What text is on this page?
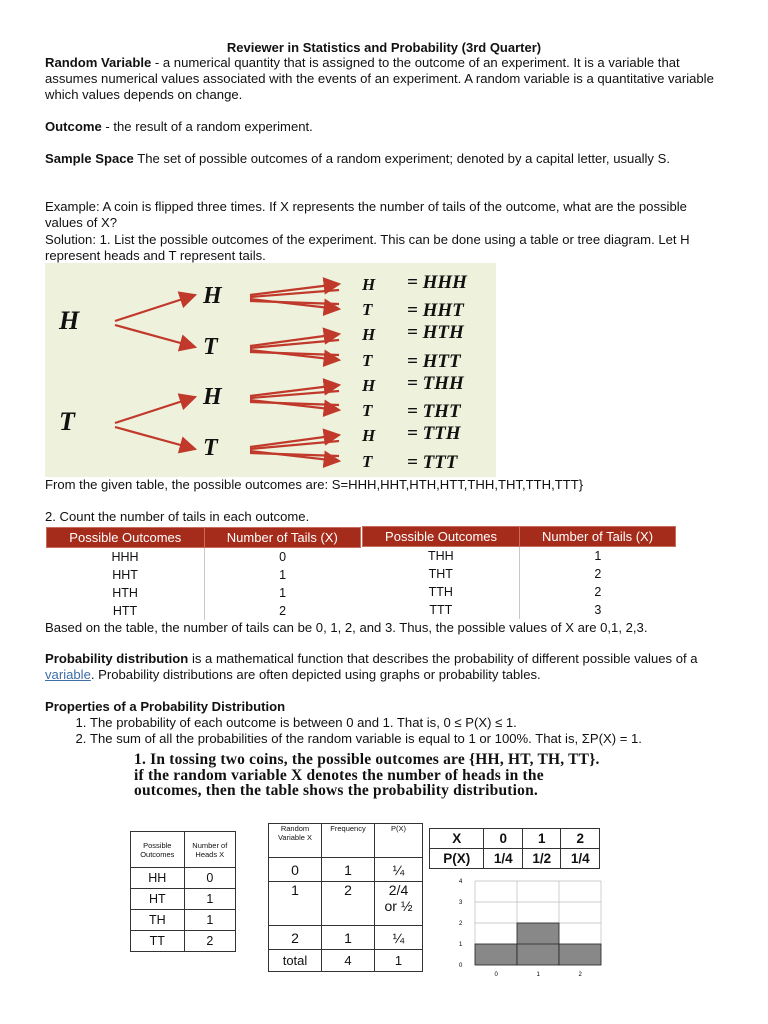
Reviewer in Statistics and Probability (3rd Quarter)
Random Variable - a numerical quantity that is assigned to the outcome of an experiment. It is a variable that assumes numerical values associated with the events of an experiment. A random variable is a quantitative variable which values depends on change.
Outcome - the result of a random experiment.
Sample Space The set of possible outcomes of a random experiment; denoted by a capital letter, usually S.
Example: A coin is flipped three times. If X represents the number of tails of the outcome, what are the possible values of X?
Solution: 1. List the possible outcomes of the experiment. This can be done using a table or tree diagram. Let H represent heads and T represent tails.
H
T
H
T
H
T
H
T
H
T
H
T
H
T
= HHH
= HHT
= HTH
= HTT
= THH
= THT
= TTH
= TTT
From the given table, the possible outcomes are: S=HHH,HHT,HTH,HTT,THH,THT,TTH,TTT}
2. Count the number of tails in each outcome.
Possible Outcomes	Number of Tails (X)
HHH	0
HHT	1
HTH	1
HTT	2
Possible Outcomes	Number of Tails (X)
THH	1
THT	2
TTH	2
TTT	3
Based on the table, the number of tails can be 0, 1, 2, and 3. Thus, the possible values of X are 0,1, 2,3.
Probability distribution is a mathematical function that describes the probability of different possible values of a variable. Probability distributions are often depicted using graphs or probability tables.
Properties of a Probability Distribution
1. The probability of each outcome is between 0 and 1. That is, 0 ≤ P(X) ≤ 1.
2. The sum of all the probabilities of the random variable is equal to 1 or 100%. That is, ΣP(X) = 1.
1. In tossing two coins, the possible outcomes are {HH, HT, TH, TT}. if the random variable X denotes the number of heads in the outcomes, then the table shows the probability distribution.
Possible Outcomes	Number of Heads X
HH	0
HT	1
TH	1
TT	2
Random Variable X	Frequency	P(X)
0	1	¼
1	2	2/4
or ½

2	1	¼
total	4	1
X	0	1	2
P(X)	1/4	1/2	1/4
0
1
2
3
4
0	1	2
